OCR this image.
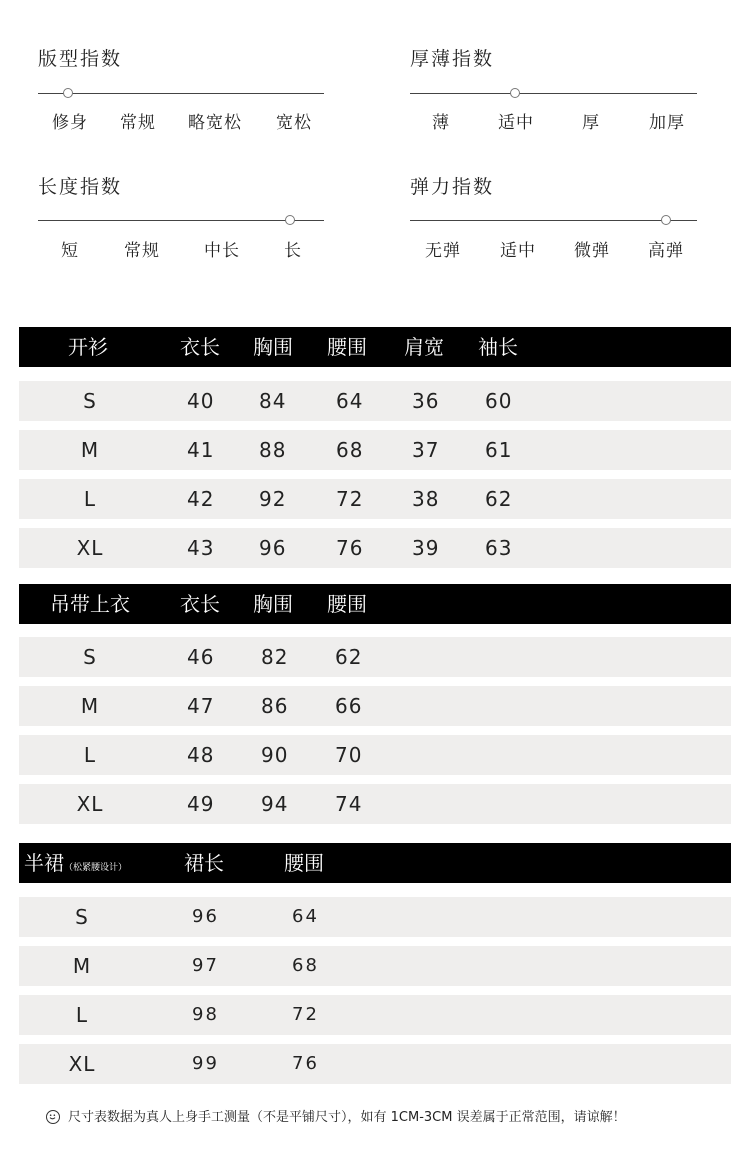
版型指数
修身	常规	略宽松	宽松
厚薄指数
薄	适中	厚	加厚
长度指数
短	常规	中长	长
弹力指数
无弹	适中	微弹	高弹
开衫	衣长 胸围 腰围 肩宽 袖长
S	40 84 64 36 60
M	41 88 68 37 61
L	42 92 72 38 62
XL	43 96 76 39 63
吊带上衣	衣长 胸围 腰围
S	46 82 62
M	47 86 66
L	48 90 70
XL	49 94 74
半裙（松紧腰设计）	裙长	腰围
S	96	64
M	97	68
L	98	72
XL	99	76
尺寸表数据为真人上身手工测量（不是平铺尺寸），如有 1CM-3CM 误差属于正常范围，请谅解！
